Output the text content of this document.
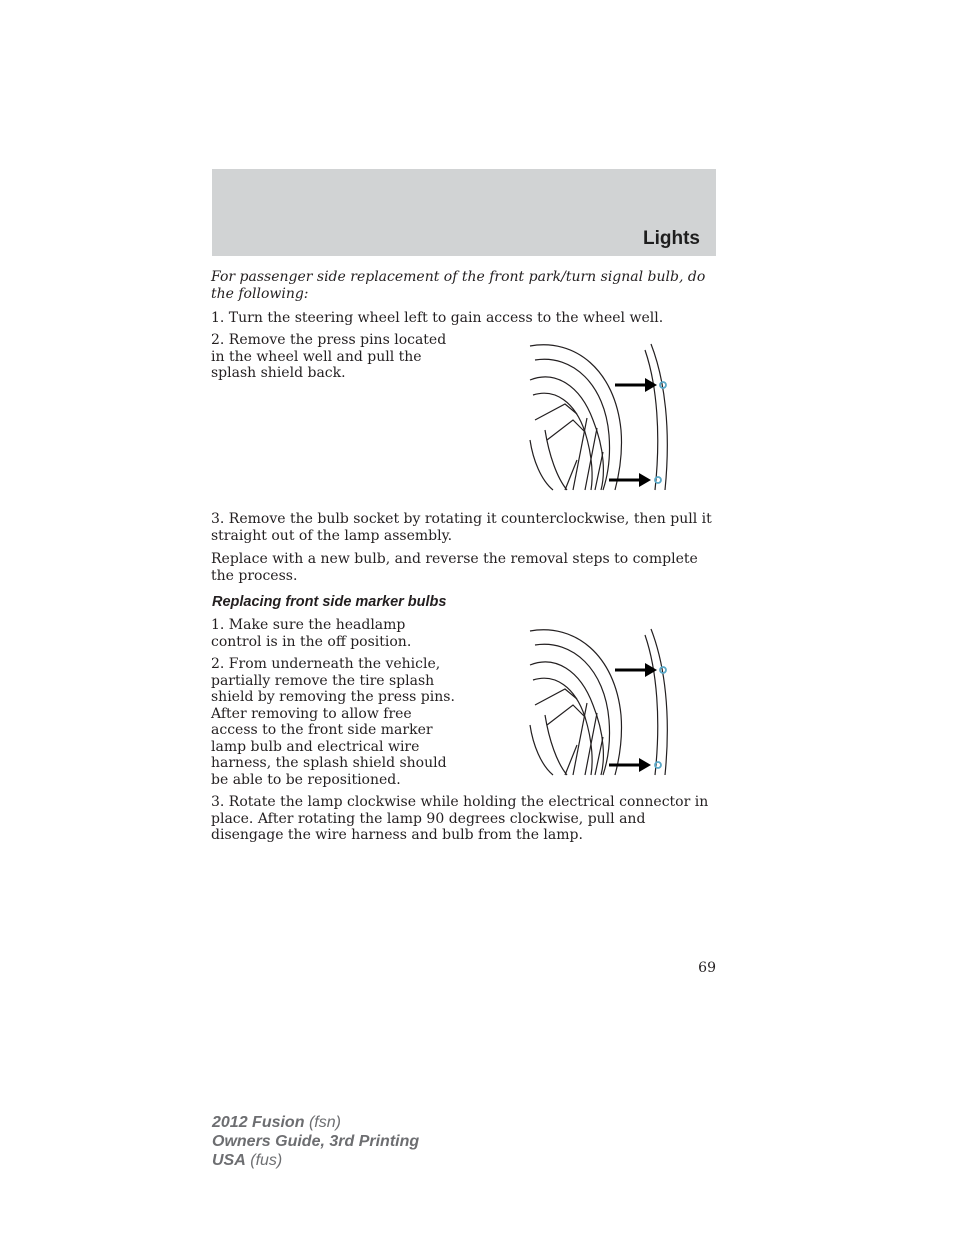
Lights

For passenger side replacement of the front park/turn signal bulb, do the following:

1. Turn the steering wheel left to gain access to the wheel well.

2. Remove the press pins located in the wheel well and pull the splash shield back.

3. Remove the bulb socket by rotating it counterclockwise, then pull it straight out of the lamp assembly.

Replace with a new bulb, and reverse the removal steps to complete the process.

Replacing front side marker bulbs

1. Make sure the headlamp control is in the off position.

2. From underneath the vehicle, partially remove the tire splash shield by removing the press pins. After removing to allow free access to the front side marker lamp bulb and electrical wire harness, the splash shield should be able to be repositioned.

3. Rotate the lamp clockwise while holding the electrical connector in place. After rotating the lamp 90 degrees clockwise, pull and disengage the wire harness and bulb from the lamp.

69
2012 Fusion (fsn)
Owners Guide, 3rd Printing
USA (fus)
